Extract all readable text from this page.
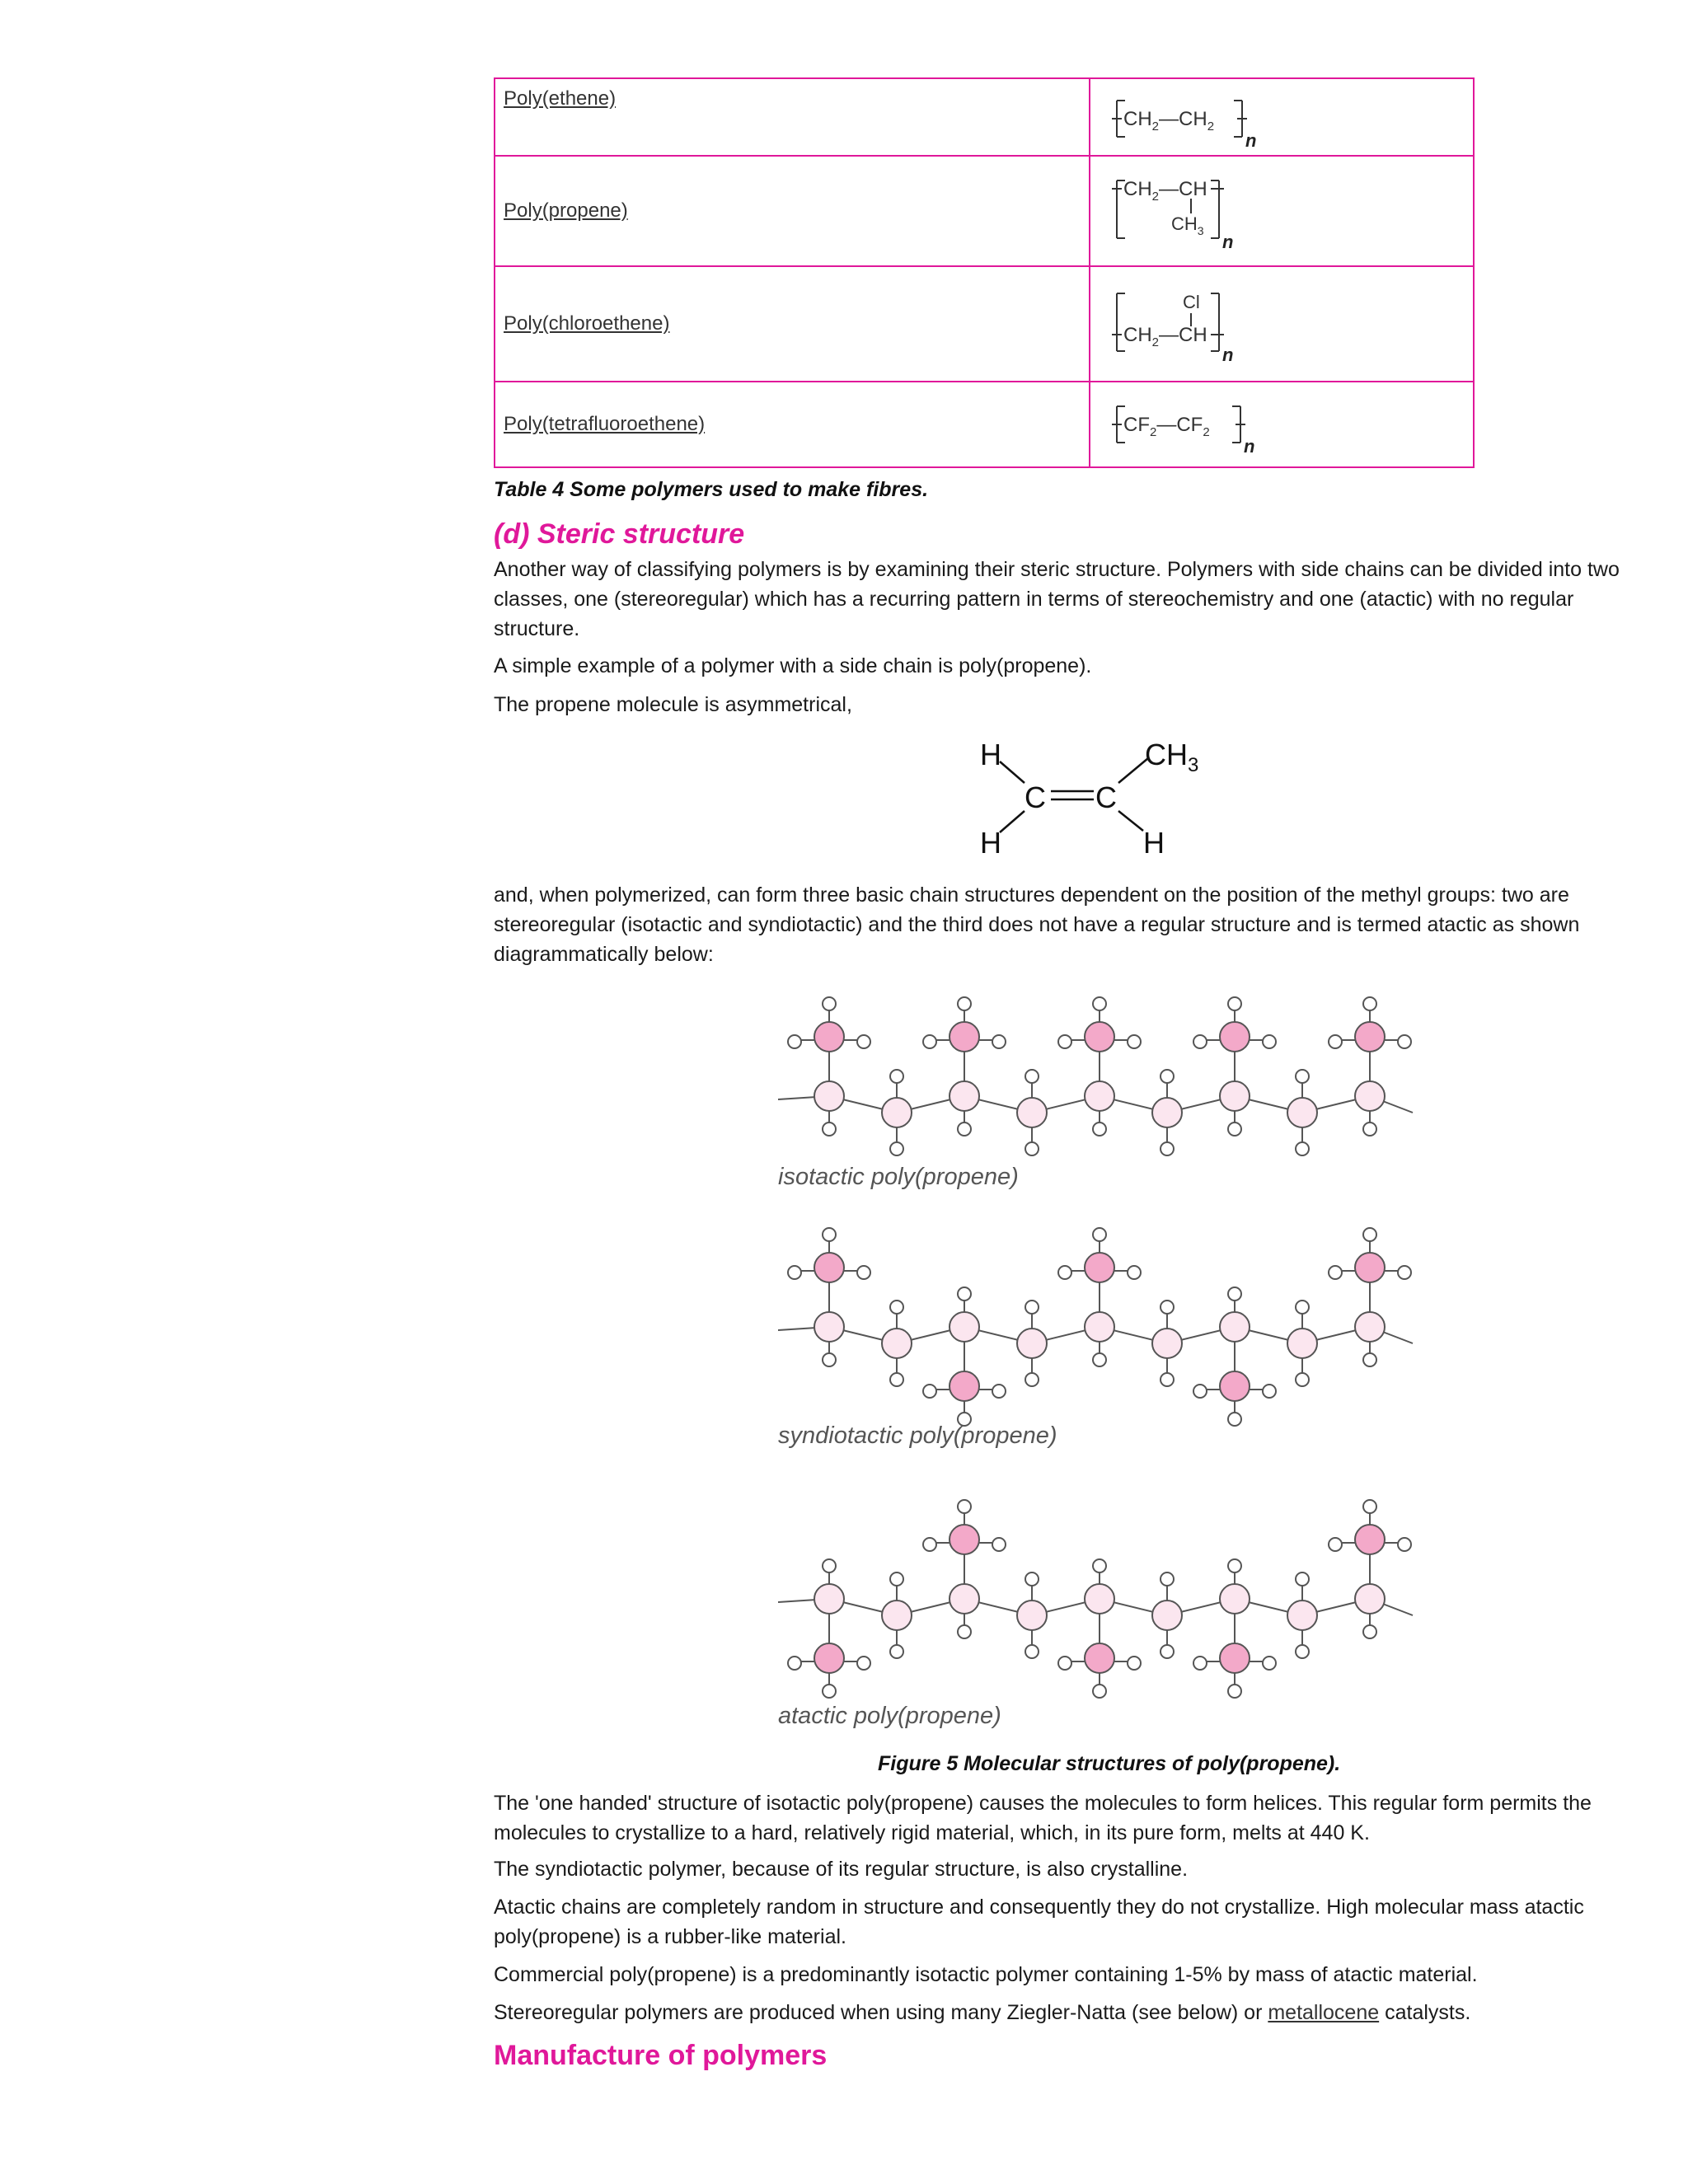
Poly(ethene)	$CH_2—CH_2$
n

Poly(propene)	$CH_2—CH$
$CH_3$
n

Poly(chloroethene)	Cl
$CH_2—CH$
n

Poly(tetrafluoroethene)	$CF_2—CF_2$
n
Table 4 Some polymers used to make fibres.
(d) Steric structure
Another way of classifying polymers is by examining their steric structure. Polymers with side chains can be divided into two
classes, one (stereoregular) which has a recurring pattern in terms of stereochemistry and one (atactic) with no regular
structure.
A simple example of a polymer with a side chain is poly(propene).
The propene molecule is asymmetrical,
H
H
C C
H
$CH_3$
and, when polymerized, can form three basic chain structures dependent on the position of the methyl groups: two are
stereoregular (isotactic and syndiotactic) and the third does not have a regular structure and is termed atactic as shown
diagrammatically below:
isotactic poly(propene)
syndiotactic poly(propene)
atactic poly(propene)
Figure 5 Molecular structures of poly(propene).
The 'one handed' structure of isotactic poly(propene) causes the molecules to form helices. This regular form permits the
molecules to crystallize to a hard, relatively rigid material, which, in its pure form, melts at 440 K.
The syndiotactic polymer, because of its regular structure, is also crystalline.
Atactic chains are completely random in structure and consequently they do not crystallize. High molecular mass atactic
poly(propene) is a rubber-like material.
Commercial poly(propene) is a predominantly isotactic polymer containing 1-5% by mass of atactic material.
Stereoregular polymers are produced when using many Ziegler-Natta (see below) or metallocene catalysts.
Manufacture of polymers
